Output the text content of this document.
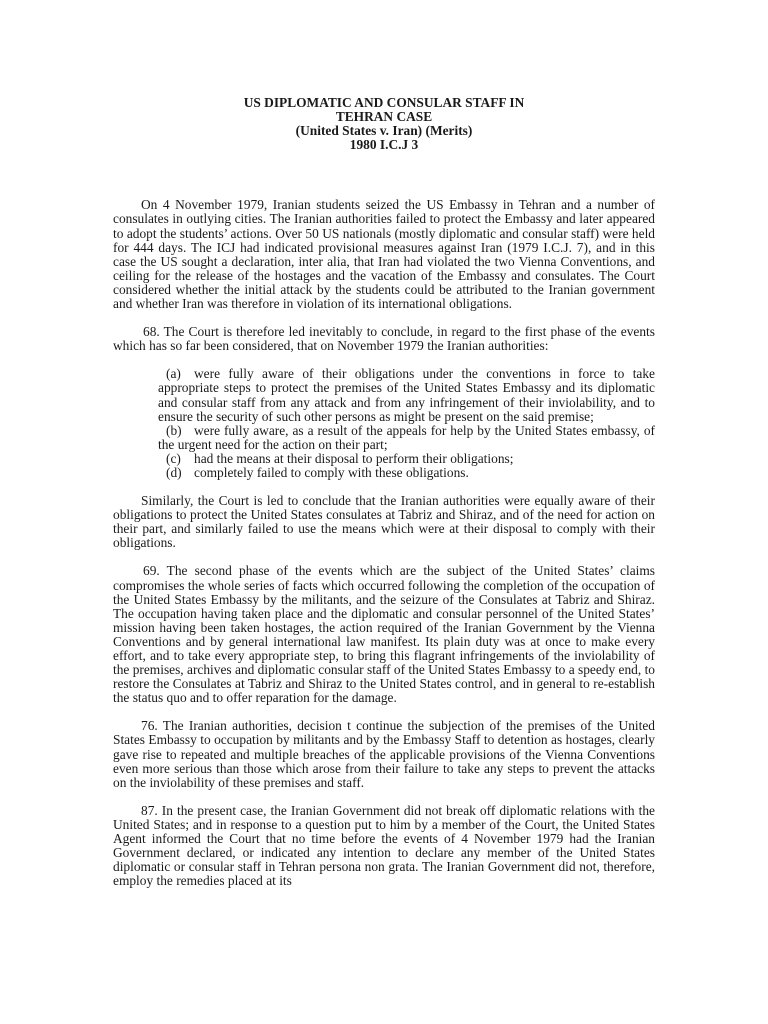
US DIPLOMATIC AND CONSULAR STAFF IN
TEHRAN CASE
(United States v. Iran) (Merits)
1980 I.C.J 3

On 4 November 1979, Iranian students seized the US Embassy in Tehran and a number of consulates in outlying cities. The Iranian authorities failed to protect the Embassy and later appeared to adopt the students’ actions. Over 50 US nationals (mostly diplomatic and consular staff) were held for 444 days. The ICJ had indicated provisional measures against Iran (1979 I.C.J. 7), and in this case the US sought a declaration, inter alia, that Iran had violated the two Vienna Conventions, and ceiling for the release of the hostages and the vacation of the Embassy and consulates. The Court considered whether the initial attack by the students could be attributed to the Iranian government and whether Iran was therefore in violation of its international obligations.

68. The Court is therefore led inevitably to conclude, in regard to the first phase of the events which has so far been considered, that on November 1979 the Iranian authorities:

(a) were fully aware of their obligations under the conventions in force to take appropriate steps to protect the premises of the United States Embassy and its diplomatic and consular staff from any attack and from any infringement of their inviolability, and to ensure the security of such other persons as might be present on the said premise;

(b) were fully aware, as a result of the appeals for help by the United States embassy, of the urgent need for the action on their part;

(c) had the means at their disposal to perform their obligations;

(d) completely failed to comply with these obligations.

Similarly, the Court is led to conclude that the Iranian authorities were equally aware of their obligations to protect the United States consulates at Tabriz and Shiraz, and of the need for action on their part, and similarly failed to use the means which were at their disposal to comply with their obligations.

69. The second phase of the events which are the subject of the United States’ claims compromises the whole series of facts which occurred following the completion of the occupation of the United States Embassy by the militants, and the seizure of the Consulates at Tabriz and Shiraz. The occupation having taken place and the diplomatic and consular personnel of the United States’ mission having been taken hostages, the action required of the Iranian Government by the Vienna Conventions and by general international law manifest. Its plain duty was at once to make every effort, and to take every appropriate step, to bring this flagrant infringements of the inviolability of the premises, archives and diplomatic consular staff of the United States Embassy to a speedy end, to restore the Consulates at Tabriz and Shiraz to the United States control, and in general to re-establish the status quo and to offer reparation for the damage.

76. The Iranian authorities, decision t continue the subjection of the premises of the United States Embassy to occupation by militants and by the Embassy Staff to detention as hostages, clearly gave rise to repeated and multiple breaches of the applicable provisions of the Vienna Conventions even more serious than those which arose from their failure to take any steps to prevent the attacks on the inviolability of these premises and staff.

87. In the present case, the Iranian Government did not break off diplomatic relations with the United States; and in response to a question put to him by a member of the Court, the United States Agent informed the Court that no time before the events of 4 November 1979 had the Iranian Government declared, or indicated any intention to declare any member of the United States diplomatic or consular staff in Tehran persona non grata. The Iranian Government did not, therefore, employ the remedies placed at its
